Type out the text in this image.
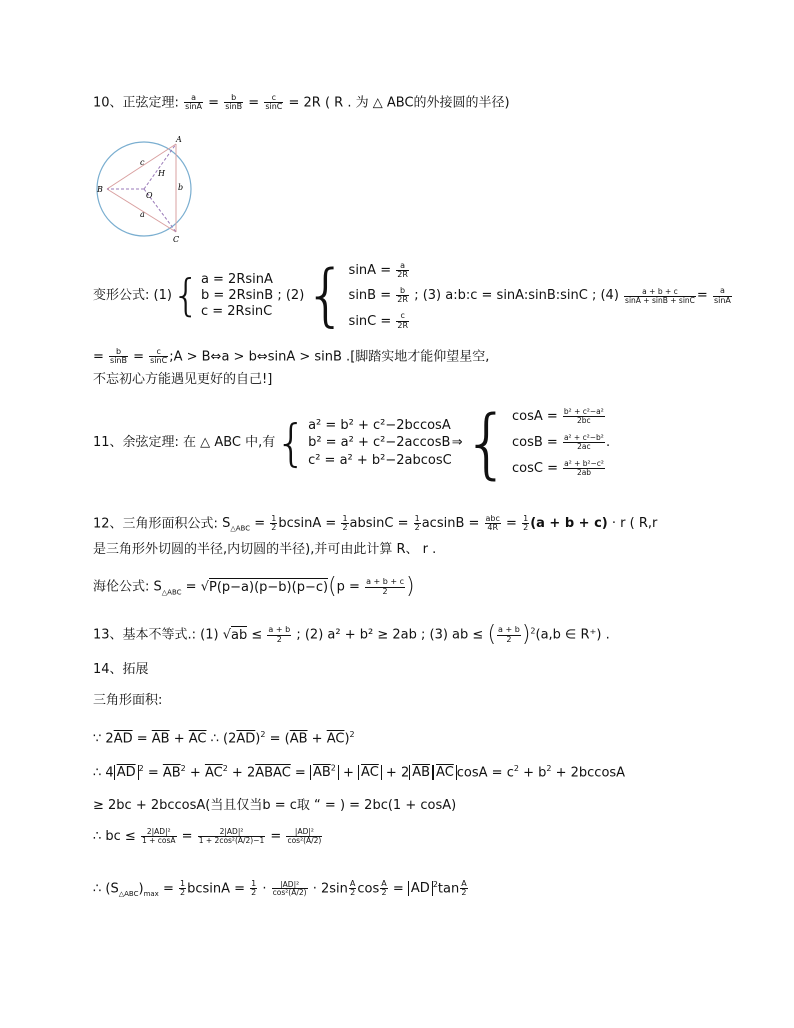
10、正弦定理: $\frac{a}{\sin A} = \frac{b}{\sin B} = \frac{c}{\sin C} = 2R$ ( R . 为 △ ABC的外接圆的半径)
A
B
C
O
H
a
b
c
变形公式: (1){ a = 2RsinA
b = 2RsinB
c = 2RsinC
; (2){ $\sin A = \frac{a}{2R}$
$\sin B = \frac{b}{2R}$
$\sin C = \frac{c}{2R}$
; (3) a:b:c = sinA:sinB:sinC ; $(4) \frac{a + b + c}{\sin A + \sin B + \sin C} = \frac{a}{\sin A}$
= $\frac{b}{\sin B} = \frac{c}{\sin C}$ ;A > B⇔a > b⇔sinA > sinB .[脚踏实地才能仰望星空,
不忘初心方能遇见更好的自己!]
11、余弦定理: 在 △ ABC 中,有{ a² = b² + c²−2bccosA
b² = a² + c²−2accosB
c² = a² + b²−2abcosC
⇒{ $\cos A = \frac{\text{b² + c²−a²}}{2bc}$
$\cos B = \frac{\text{a² + c²−b²}}{2ac}$
$\cos C = \frac{\text{a² + b²−c²}}{2ab}$
.
12、三角形面积公式: $S_{\triangle ABC} = \frac{1}{2}$ $bcsinA = \frac{1}{2}$ $absinC = \frac{1}{2}$ $acsinB = \frac{\text{abc}}{4R} = \frac{1}{2} (a + b + c) \cdot r$ ( R,r
是三角形外切圆的半径,内切圆的半径),并可由此计算 R、 r .
海伦公式: $S_{\triangle ABC} = √P(p-a)(p-b)(p-c)(p = \frac{a + b + c}{2}$ )
13、基本不等式.: (1) $√ab \le \frac{a + b}{2}$ ; (2) a² + b² ≥ 2ab ; (3) ab ≤ ( $\frac{a + b}{2} )^2(a,b$ ∈ R⁺) .
14、拓展
三角形面积:
∵ $2\overline{AD} = \overline{AB} + \overline{AC}$ ∴ $(2\overline{AD})^2 = (\overline{AB} + \overline{AC})^2$
∴ 4 $\overline{AD}$ $^2 = \overline{AB}^2 + \overline{AC}^2$ + 2ABAC = $\overline{AB}^2 + \overline{AC} + 2$ $\overline{AB}$ $\overline{AC}$ $\cos A = c^2 + b^2 + 2bccosA$
≥ 2bc + 2bccosA(当且仅当b = c取 “ = ) = 2bc(1 + cosA)
∴ bc ≤ $\frac{\text{2|AD|²}}{1 + \cos A} = \frac{\text{2|AD|²}}{\text{1 + 2cos²(A/2)−1}} = \frac{\text{|AD|²}}{\text{cos²(A/2)}}$
∴ $(S_{\triangle ABC})_{max} = \frac{1}{2}$ $bcsinA = \frac{1}{2} \cdot \frac{\text{|AD|²}}{\text{cos²(A/2)}} \cdot 2\sin \frac{A}{2}$ $\cos \frac{A}{2}$ = AD $^2\tan \frac{A}{2}$
